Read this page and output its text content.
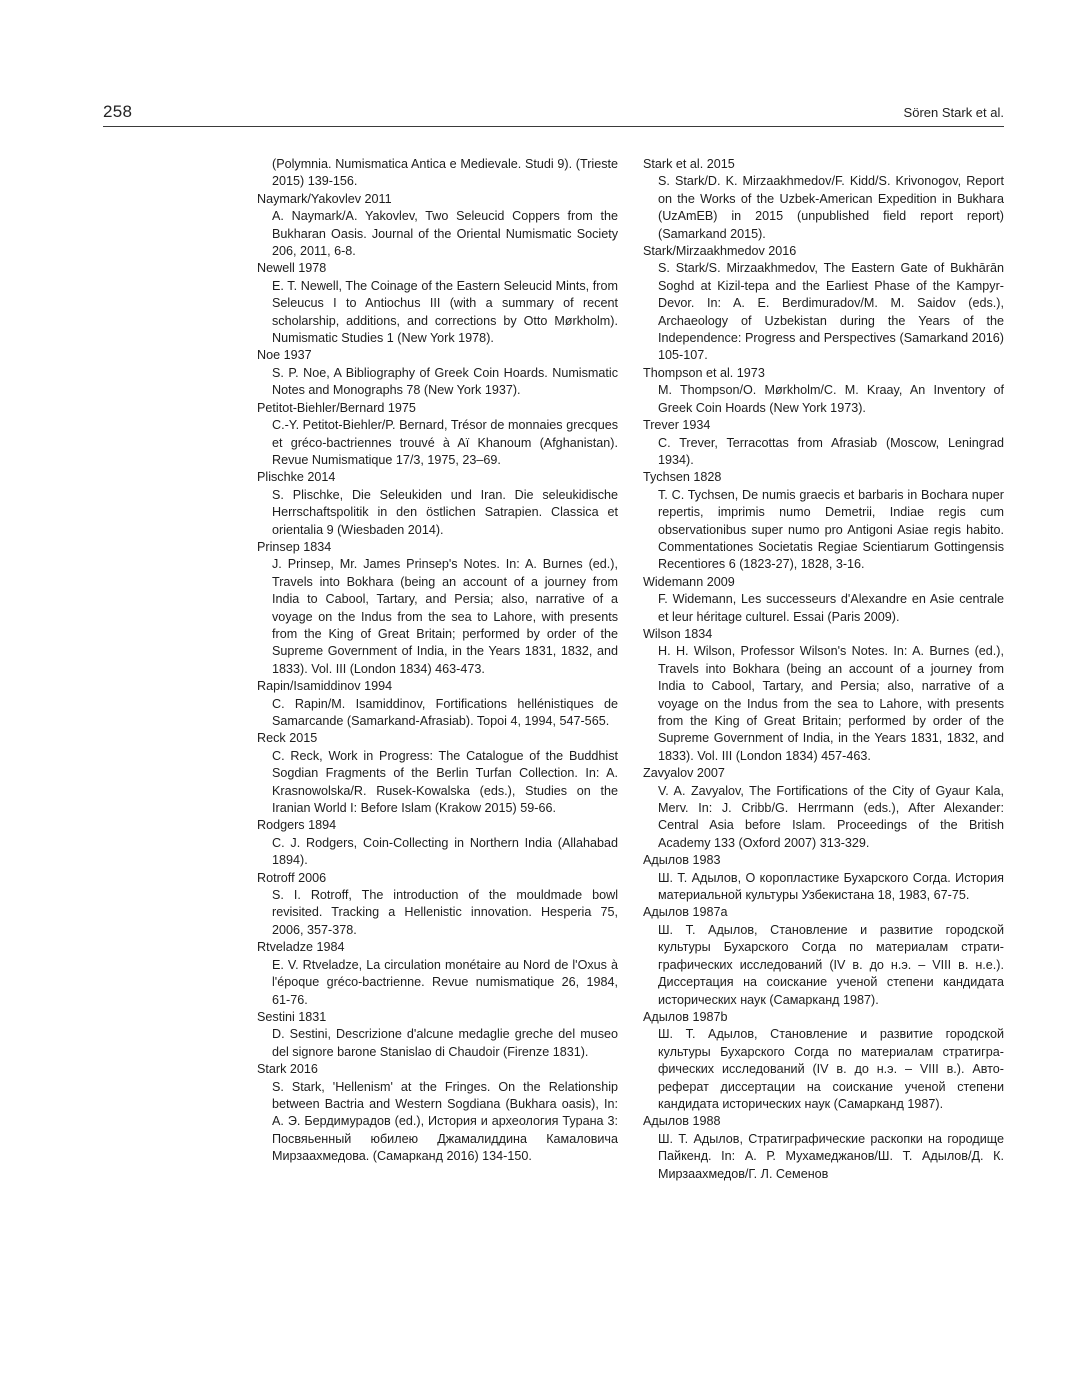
258	Sören Stark et al.
(Polymnia. Numismatica Antica e Medievale. Studi 9). (Trieste 2015) 139-156.
Naymark/Yakovlev 2011
A. Naymark/A. Yakovlev, Two Seleucid Coppers from the Bukharan Oasis. Journal of the Oriental Numismatic Society 206, 2011, 6-8.
Newell 1978
E. T. Newell, The Coinage of the Eastern Seleucid Mints, from Seleucus I to Antiochus III (with a summary of recent scholarship, additions, and corrections by Otto Mørkholm). Numismatic Studies 1 (New York 1978).
Noe 1937
S. P. Noe, A Bibliography of Greek Coin Hoards. Numismatic Notes and Monographs 78 (New York 1937).
Petitot-Biehler/Bernard 1975
C.-Y. Petitot-Biehler/P. Bernard, Trésor de monnaies grecques et gréco-bactriennes trouvé à Aï Khanoum (Afghanistan). Revue Numismatique 17/3, 1975, 23–69.
Plischke 2014
S. Plischke, Die Seleukiden und Iran. Die seleukidische Herrschaftspolitik in den östlichen Satrapien. Classica et orientalia 9 (Wiesbaden 2014).
Prinsep 1834
J. Prinsep, Mr. James Prinsep's Notes. In: A. Burnes (ed.), Travels into Bokhara (being an account of a journey from India to Cabool, Tartary, and Persia; also, narrative of a voyage on the Indus from the sea to Lahore, with presents from the King of Great Britain; performed by order of the Supreme Government of India, in the Years 1831, 1832, and 1833). Vol. III (London 1834) 463-473.
Rapin/Isamiddinov 1994
C. Rapin/M. Isamiddinov, Fortifications hellénistiques de Samarcande (Samarkand-Afrasiab). Topoi 4, 1994, 547-565.
Reck 2015
C. Reck, Work in Progress: The Catalogue of the Buddhist Sogdian Fragments of the Berlin Turfan Collection. In: A. Krasnowolska/R. Rusek-Kowalska (eds.), Studies on the Iranian World I: Before Islam (Krakow 2015) 59-66.
Rodgers 1894
C. J. Rodgers, Coin-Collecting in Northern India (Allahabad 1894).
Rotroff 2006
S. I. Rotroff, The introduction of the mouldmade bowl revisited. Tracking a Hellenistic innovation. Hesperia 75, 2006, 357-378.
Rtveladze 1984
E. V. Rtveladze, La circulation monétaire au Nord de l'Oxus à l'époque gréco-bactrienne. Revue numismatique 26, 1984, 61-76.
Sestini 1831
D. Sestini, Descrizione d'alcune medaglie greche del museo del signore barone Stanislao di Chaudoir (Firenze 1831).
Stark 2016
S. Stark, 'Hellenism' at the Fringes. On the Relationship between Bactria and Western Sogdiana (Bukhara oasis), In: А. Э. Бердимурадов (ed.), История и археология Турана 3: Посвяьенный юбилею Джамалиддина Камаловича Мирзаахмедова. (Самарканд 2016) 134-150.
Stark et al. 2015
S. Stark/D. K. Mirzaakhmedov/F. Kidd/S. Krivonogov, Report on the Works of the Uzbek-American Expedition in Bukhara (UzAmEB) in 2015 (unpublished field report report) (Samarkand 2015).
Stark/Mirzaakhmedov 2016
S. Stark/S. Mirzaakhmedov, The Eastern Gate of Bukhārān Soghd at Kizil-tepa and the Earliest Phase of the Kampyr-Devor. In: A. E. Berdimuradov/M. M. Saidov (eds.), Archaeology of Uzbekistan during the Years of the Independence: Progress and Perspectives (Samarkand 2016) 105-107.
Thompson et al. 1973
M. Thompson/O. Mørkholm/C. M. Kraay, An Inventory of Greek Coin Hoards (New York 1973).
Trever 1934
C. Trever, Terracottas from Afrasiab (Moscow, Leningrad 1934).
Tychsen 1828
T. C. Tychsen, De numis graecis et barbaris in Bochara nuper repertis, imprimis numo Demetrii, Indiae regis cum observationibus super numo pro Antigoni Asiae regis habito. Commentationes Societatis Regiae Scientiarum Gottingensis Recentiores 6 (1823-27), 1828, 3-16.
Widemann 2009
F. Widemann, Les successeurs d'Alexandre en Asie centrale et leur héritage culturel. Essai (Paris 2009).
Wilson 1834
H. H. Wilson, Professor Wilson's Notes. In: A. Burnes (ed.), Travels into Bokhara (being an account of a journey from India to Cabool, Tartary, and Persia; also, narrative of a voyage on the Indus from the sea to Lahore, with presents from the King of Great Britain; performed by order of the Supreme Government of India, in the Years 1831, 1832, and 1833). Vol. III (London 1834) 457-463.
Zavyalov 2007
V. A. Zavyalov, The Fortifications of the City of Gyaur Kala, Merv. In: J. Cribb/G. Herrmann (eds.), After Alexander: Central Asia before Islam. Proceedings of the British Academy 133 (Oxford 2007) 313-329.
Адылов 1983
Ш. Т. Адылов, О коропластике Бухарского Согда. История материальной культуры Узбекистана 18, 1983, 67-75.
Адылов 1987a
Ш. Т. Адылов, Становление и развитие городской культуры Бухарского Согда по материалам стратиграфических исследований (IV в. до н.э. – VIII в. н.е.). Диссертация на соискание ученой степени кандидата исторических наук (Самарканд 1987).
Адылов 1987b
Ш. Т. Адылов, Становление и развитие городской культуры Бухарского Согда по материалам стратиграфических исследований (IV в. до н.э. – VIII в.). Автореферат диссертации на соискание ученой степени кандидата исторических наук (Самарканд 1987).
Адылов 1988
Ш. Т. Адылов, Стратиграфические раскопки на городище Пайкенд. In: А. Р. Мухамеджанов/Ш. Т. Адылов/Д. К. Мирзаахмедов/Г. Л. Семенов
